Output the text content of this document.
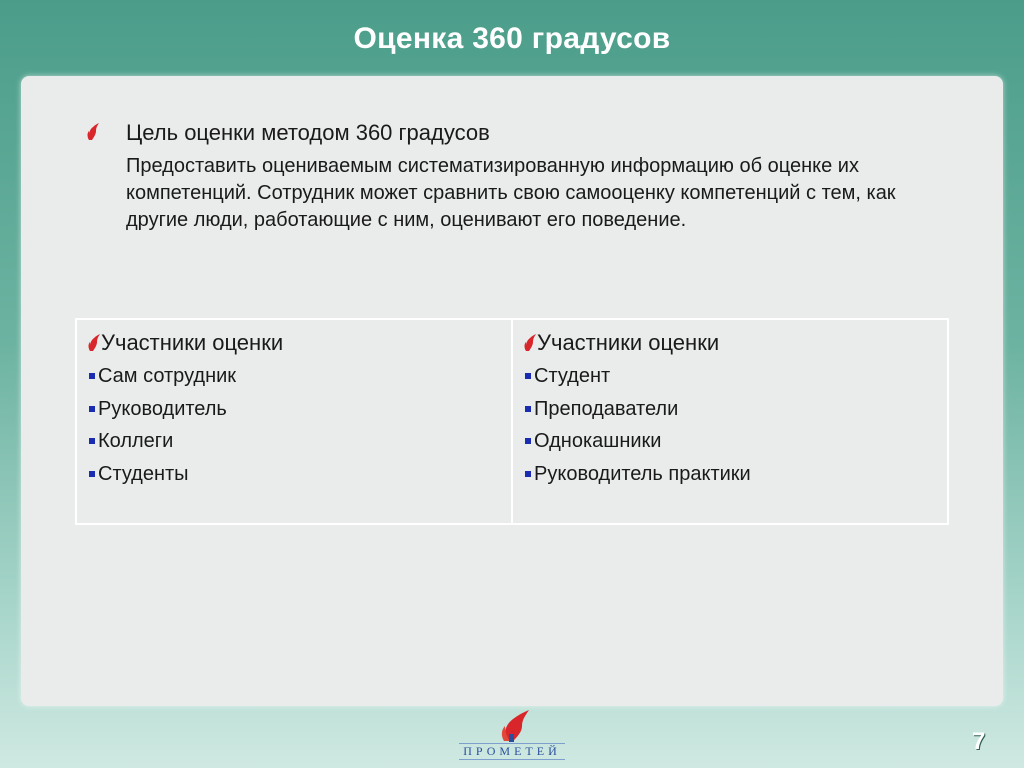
Оценка 360 градусов
Цель оценки методом 360 градусов
Предоставить оцениваемым систематизированную информацию об оценке их компетенций. Сотрудник может сравнить свою самооценку компетенций с тем, как другие люди, работающие с ним, оценивают его поведение.
Участники оценки
Сам сотрудник
Руководитель
Коллеги
Студенты
Участники оценки
Студент
Преподаватели
Однокашники
Руководитель практики
ПРОМЕТЕЙ	7
